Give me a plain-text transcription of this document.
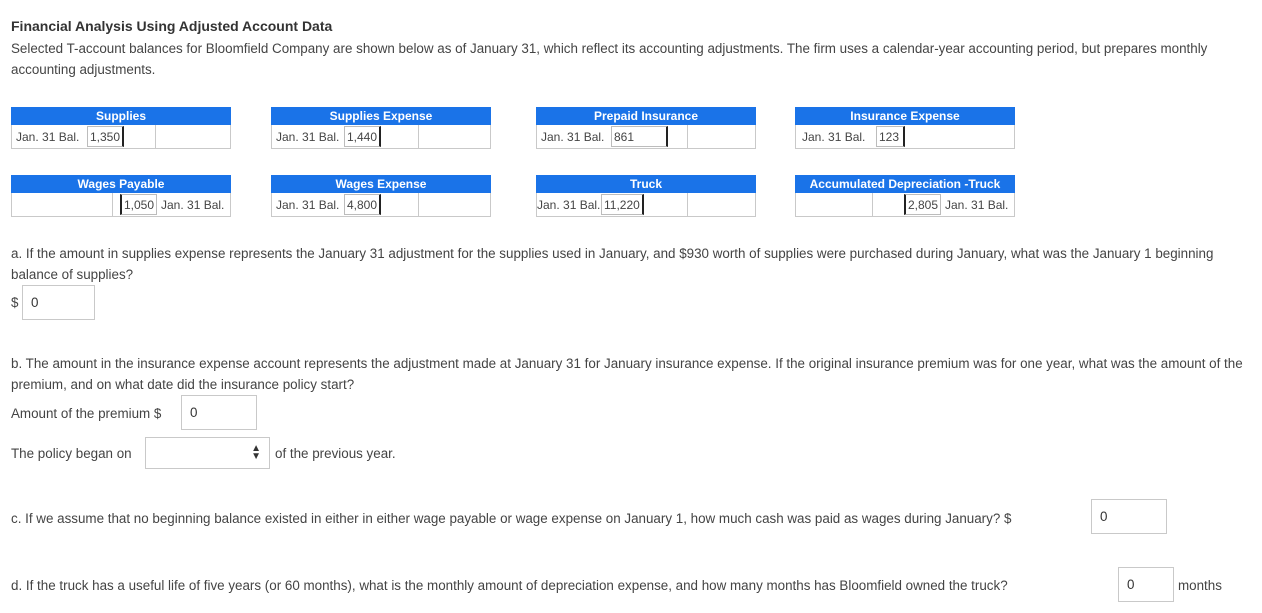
Financial Analysis Using Adjusted Account Data
Selected T-account balances for Bloomfield Company are shown below as of January 31, which reflect its accounting adjustments. The firm uses a calendar-year accounting period, but prepares monthly accounting adjustments.
Supplies
Jan. 31 Bal. 1,350
Supplies Expense
Jan. 31 Bal. 1,440
Prepaid Insurance
Jan. 31 Bal. 861
Insurance Expense
Jan. 31 Bal. 123
Wages Payable
1,050 Jan. 31 Bal.
Wages Expense
Jan. 31 Bal. 4,800
Truck
Jan. 31 Bal. 11,220
Accumulated Depreciation -Truck
2,805 Jan. 31 Bal.
a. If the amount in supplies expense represents the January 31 adjustment for the supplies used in January, and $930 worth of supplies were purchased during January, what was the January 1 beginning balance of supplies?
$ 0
b. The amount in the insurance expense account represents the adjustment made at January 31 for January insurance expense. If the original insurance premium was for one year, what was the amount of the premium, and on what date did the insurance policy start?
Amount of the premium $	0
The policy began on	▲
▼ of the previous year.
c. If we assume that no beginning balance existed in either in either wage payable or wage expense on January 1, how much cash was paid as wages during January? $	0
d. If the truck has a useful life of five years (or 60 months), what is the monthly amount of depreciation expense, and how many months has Bloomfield owned the truck?	0	months
